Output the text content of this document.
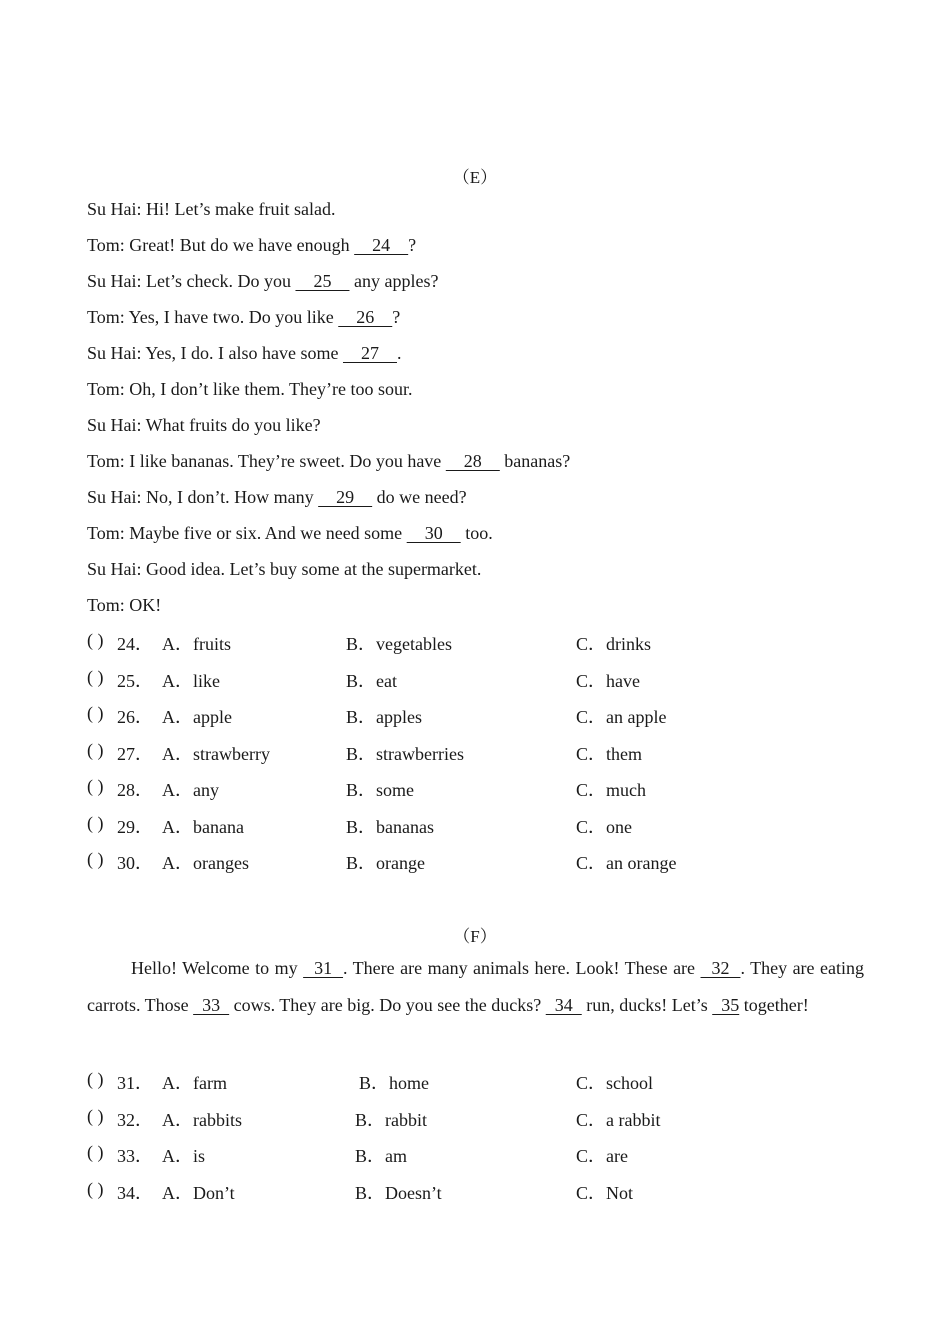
（E）
Su Hai: Hi! Let’s make fruit salad.
Tom: Great! But do we have enough     24    ?
Su Hai: Let’s check. Do you     25     any apples?
Tom: Yes, I have two. Do you like     26    ?
Su Hai: Yes, I do. I also have some     27    .
Tom: Oh, I don’t like them. They’re too sour.
Su Hai: What fruits do you like?
Tom: I like bananas. They’re sweet. Do you have     28     bananas?
Su Hai: No, I don’t. How many     29     do we need?
Tom: Maybe five or six. And we need some     30     too.
Su Hai: Good idea. Let’s buy some at the supermarket.
Tom: OK!
( ) 24． A．fruits	B．vegetables	C．drinks
( ) 25． A．like	B．eat	C．have
( ) 26． A．apple	B．apples	C．an apple
( ) 27． A．strawberry	B．strawberries	C．them
( ) 28． A．any	B．some	C．much
( ) 29． A．banana	B．bananas	C．one
( ) 30． A．oranges	B．orange	C．an orange
（F）
Hello! Welcome to my   31  . There are many animals here. Look! These are   32  . They are eating carrots. Those   33   cows. They are big. Do you see the ducks?   34   run, ducks! Let’s   35 together!
( ) 31． A．farm	B．home	C．school
( ) 32． A．rabbits	B．rabbit	C．a rabbit
( ) 33． A．is	B．am	C．are
( ) 34． A．Don’t	B．Doesn’t	C．Not
